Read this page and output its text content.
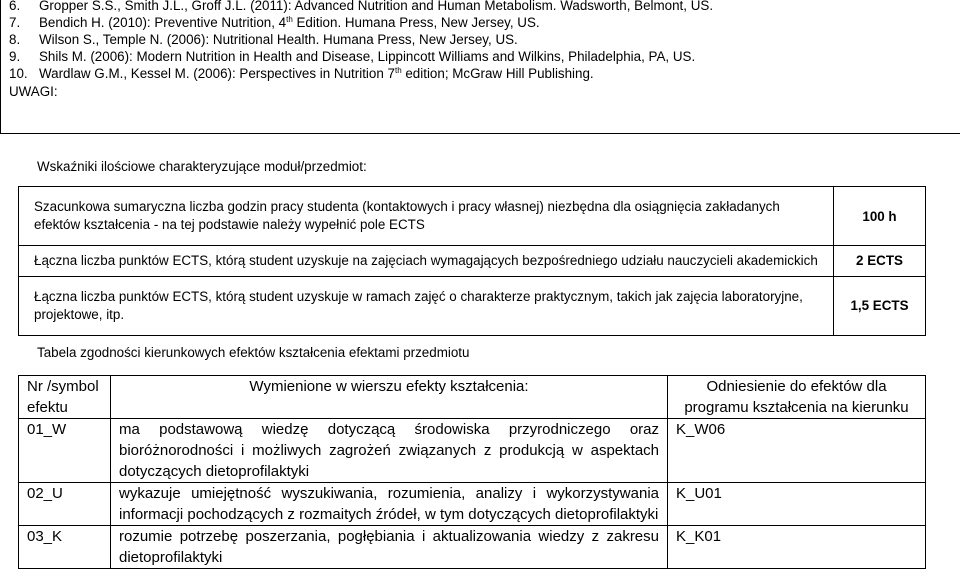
6. Gropper S.S., Smith J.L., Groff J.L. (2011): Advanced Nutrition and Human Metabolism. Wadsworth, Belmont, US.
7. Bendich H. (2010): Preventive Nutrition, 4th Edition. Humana Press, New Jersey, US.
8. Wilson S., Temple N. (2006): Nutritional Health. Humana Press, New Jersey, US.
9. Shils M. (2006): Modern Nutrition in Health and Disease, Lippincott Williams and Wilkins, Philadelphia, PA, US.
10. Wardlaw G.M., Kessel M. (2006): Perspectives in Nutrition 7th edition; McGraw Hill Publishing.
UWAGI:
Wskaźniki ilościowe charakteryzujące moduł/przedmiot:
Szacunkowa sumaryczna liczba godzin pracy studenta (kontaktowych i pracy własnej) niezbędna dla osiągnięcia zakładanych efektów kształcenia - na tej podstawie należy wypełnić pole ECTS	100 h
Łączna liczba punktów ECTS, którą student uzyskuje na zajęciach wymagających bezpośredniego udziału nauczycieli akademickich	2 ECTS
Łączna liczba punktów ECTS, którą student uzyskuje w ramach zajęć o charakterze praktycznym, takich jak zajęcia laboratoryjne, projektowe, itp.	1,5 ECTS
Tabela zgodności kierunkowych efektów kształcenia efektami przedmiotu
Nr /symbol efektu	Wymienione w wierszu efekty kształcenia:	Odniesienie do efektów dla programu kształcenia na kierunku
01_W	ma podstawową wiedzę dotyczącą środowiska przyrodniczego oraz bioróżnorodności i możliwych zagrożeń związanych z produkcją w aspektach dotyczących dietoprofilaktyki	K_W06
02_U	wykazuje umiejętność wyszukiwania, rozumienia, analizy i wykorzystywania informacji pochodzących z rozmaitych źródeł, w tym dotyczących dietoprofilaktyki	K_U01
03_K	rozumie potrzebę poszerzania, pogłębiania i aktualizowania wiedzy z zakresu dietoprofilaktyki	K_K01
